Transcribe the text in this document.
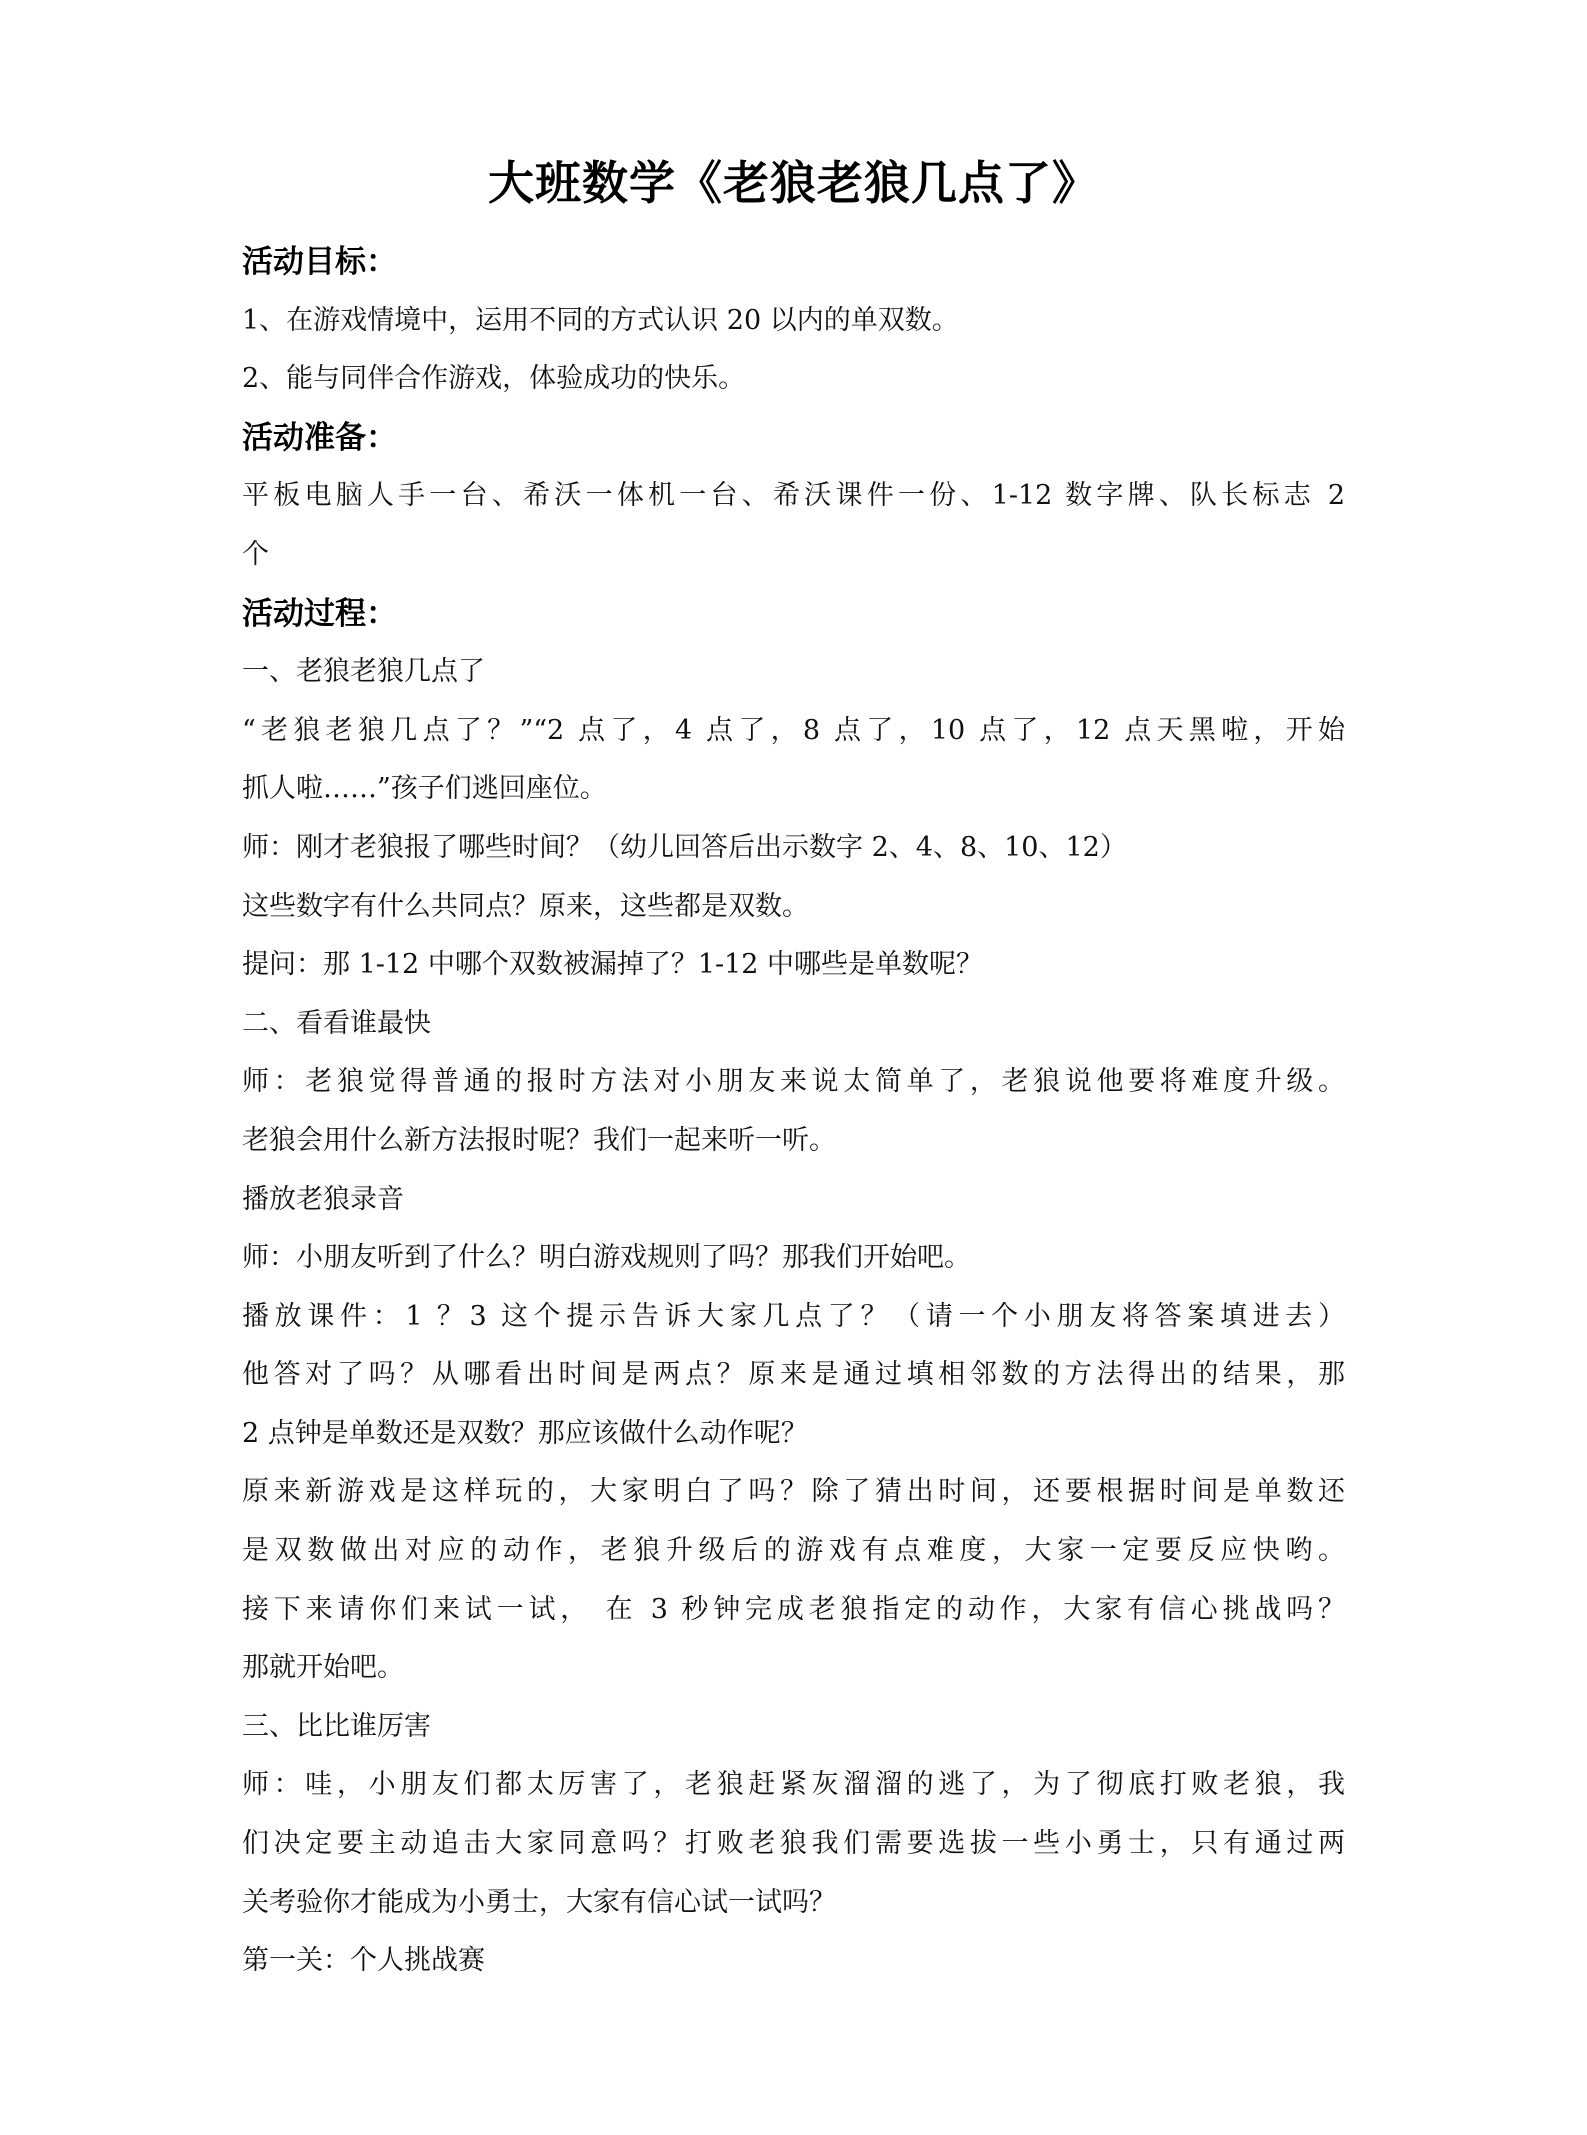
大班数学《老狼老狼几点了》
活动目标：
1、在游戏情境中，运用不同的方式认识 20 以内的单双数。
2、能与同伴合作游戏，体验成功的快乐。
活动准备：
平板电脑人手一台、希沃一体机一台、希沃课件一份、1-12 数字牌、队长标志 2
个
活动过程：
一、老狼老狼几点了
“老狼老狼几点了？”“2 点了，4 点了，8 点了，10 点了，12 点天黑啦，开始
抓人啦……”孩子们逃回座位。
师：刚才老狼报了哪些时间？（幼儿回答后出示数字 2、4、8、10、12）
这些数字有什么共同点？原来，这些都是双数。
提问：那 1-12 中哪个双数被漏掉了？1-12 中哪些是单数呢？
二、看看谁最快
师：老狼觉得普通的报时方法对小朋友来说太简单了，老狼说他要将难度升级。
老狼会用什么新方法报时呢？我们一起来听一听。
播放老狼录音
师：小朋友听到了什么？明白游戏规则了吗？那我们开始吧。
播放课件：1 ？3 这个提示告诉大家几点了？（请一个小朋友将答案填进去）
他答对了吗？从哪看出时间是两点？原来是通过填相邻数的方法得出的结果，那
2 点钟是单数还是双数？那应该做什么动作呢？
原来新游戏是这样玩的，大家明白了吗？除了猜出时间，还要根据时间是单数还
是双数做出对应的动作，老狼升级后的游戏有点难度，大家一定要反应快哟。
接下来请你们来试一试， 在 3 秒钟完成老狼指定的动作，大家有信心挑战吗？
那就开始吧。
三、比比谁厉害
师：哇，小朋友们都太厉害了，老狼赶紧灰溜溜的逃了，为了彻底打败老狼，我
们决定要主动追击大家同意吗？打败老狼我们需要选拔一些小勇士，只有通过两
关考验你才能成为小勇士，大家有信心试一试吗？
第一关：个人挑战赛
